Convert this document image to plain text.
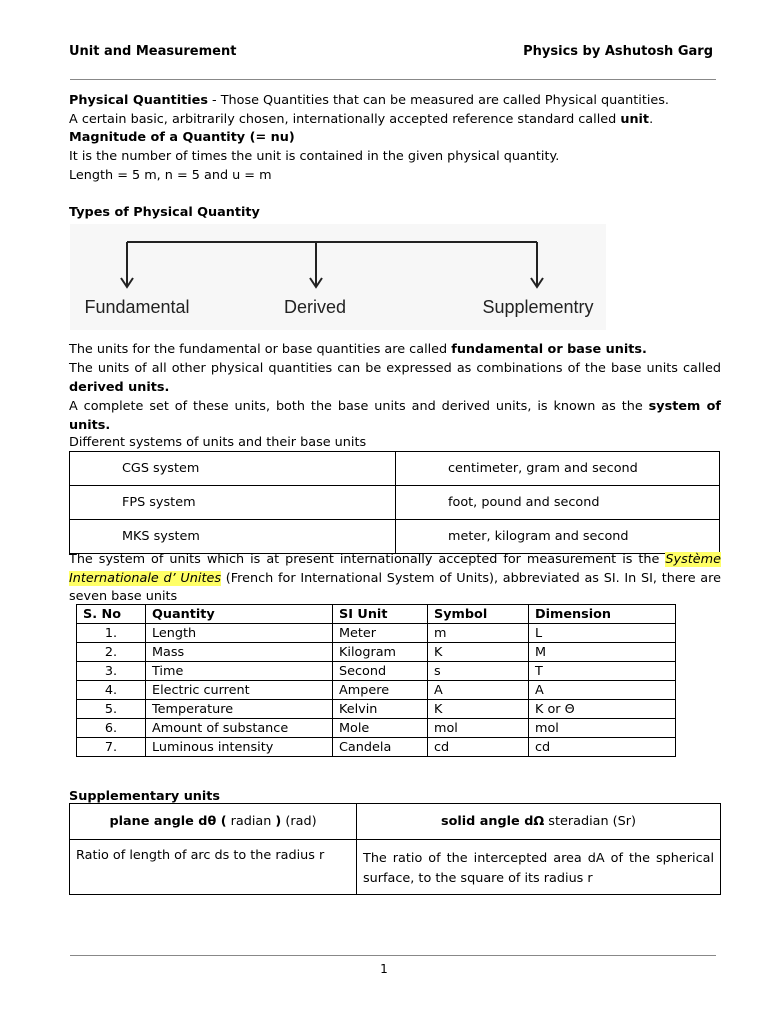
Unit and Measurement	Physics by Ashutosh Garg
Physical Quantities - Those Quantities that can be measured are called Physical quantities.
A certain basic, arbitrarily chosen, internationally accepted reference standard called unit.
Magnitude of a Quantity (= nu)
It is the number of times the unit is contained in the given physical quantity.
Length = 5 m, n = 5 and u = m
Types of Physical Quantity
Fundamental	Derived	Supplementry
The units for the fundamental or base quantities are called fundamental or base units.
The units of all other physical quantities can be expressed as combinations of the base units called derived units.
A complete set of these units, both the base units and derived units, is known as the system of units.
Different systems of units and their base units
CGS system	centimeter, gram and second
FPS system	foot, pound and second
MKS system	meter, kilogram and second
The system of units which is at present internationally accepted for measurement is the Système Internationale d’ Unites (French for International System of Units), abbreviated as SI. In SI, there are seven base units
S. No	Quantity	SI Unit	Symbol	Dimension
1.	Length	Meter	m	L
2.	Mass	Kilogram	K	M
3.	Time	Second	s	T
4.	Electric current	Ampere	A	A
5.	Temperature	Kelvin	K	K or Θ
6.	Amount of substance	Mole	mol	mol
7.	Luminous intensity	Candela	cd	cd
Supplementary units
plane angle dθ ( radian ) (rad)	solid angle dΩ steradian (Sr)
Ratio of length of arc ds to the radius r	The ratio of the intercepted area dA of the spherical surface, to the square of its radius r
1
